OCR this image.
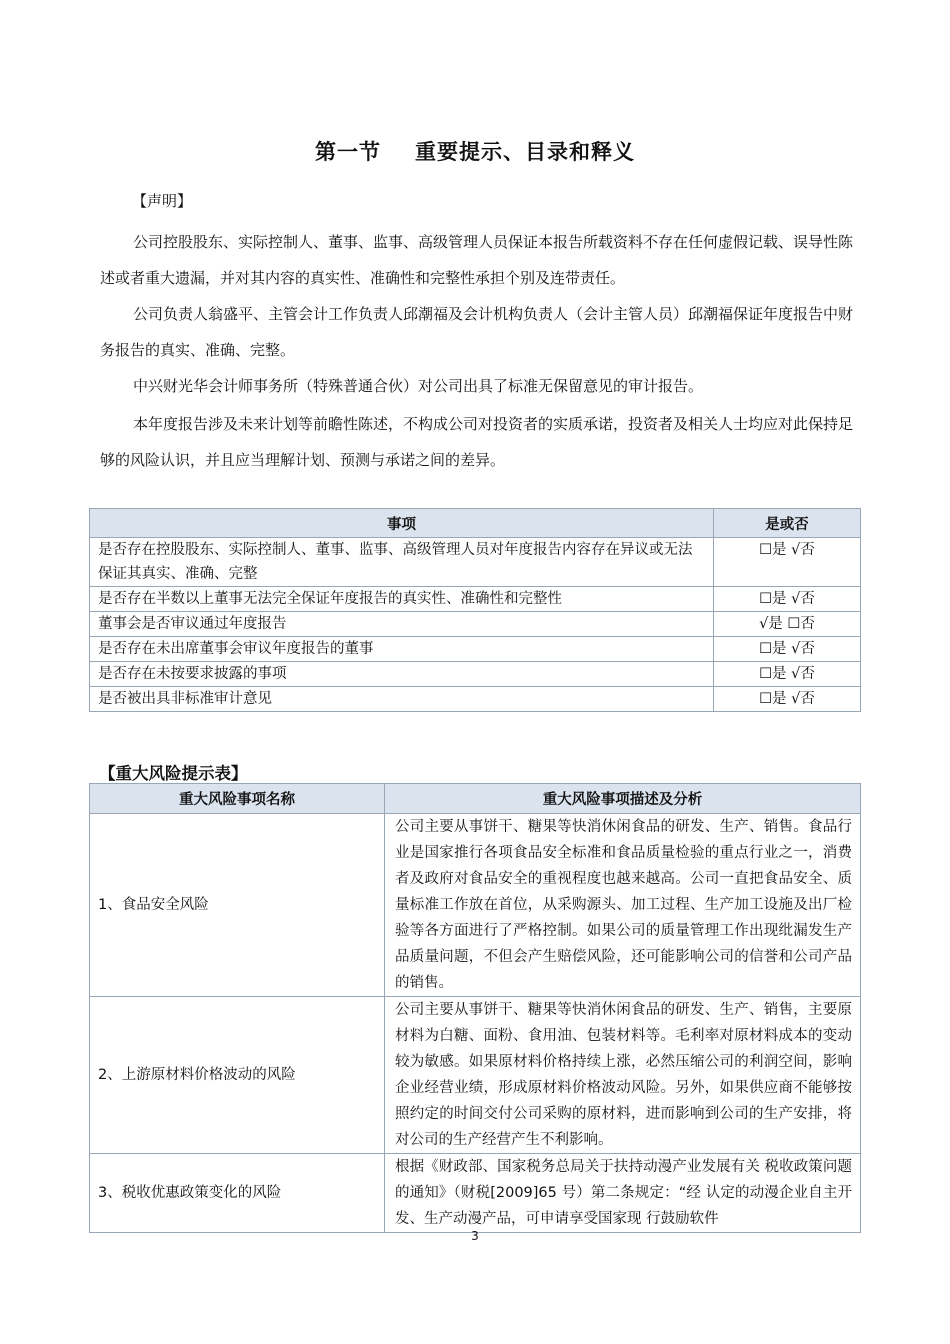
第一节 重要提示、目录和释义
【声明】
公司控股股东、实际控制人、董事、监事、高级管理人员保证本报告所载资料不存在任何虚假记载、误导性陈述或者重大遗漏，并对其内容的真实性、准确性和完整性承担个别及连带责任。
公司负责人翁盛平、主管会计工作负责人邱潮福及会计机构负责人（会计主管人员）邱潮福保证年度报告中财务报告的真实、准确、完整。
中兴财光华会计师事务所（特殊普通合伙）对公司出具了标准无保留意见的审计报告。
本年度报告涉及未来计划等前瞻性陈述，不构成公司对投资者的实质承诺，投资者及相关人士均应对此保持足够的风险认识，并且应当理解计划、预测与承诺之间的差异。
事项	是或否
是否存在控股股东、实际控制人、董事、监事、高级管理人员对年度报告内容存在异议或无法保证其真实、准确、完整	☐是 √否
是否存在半数以上董事无法完全保证年度报告的真实性、准确性和完整性	☐是 √否
董事会是否审议通过年度报告	√是 ☐否
是否存在未出席董事会审议年度报告的董事	☐是 √否
是否存在未按要求披露的事项	☐是 √否
是否被出具非标准审计意见	☐是 √否
【重大风险提示表】
重大风险事项名称	重大风险事项描述及分析
1、食品安全风险	公司主要从事饼干、糖果等快消休闲食品的研发、生产、销售。食品行业是国家推行各项食品安全标准和食品质量检验的重点行业之一，消费者及政府对食品安全的重视程度也越来越高。公司一直把食品安全、质量标准工作放在首位，从采购源头、加工过程、生产加工设施及出厂检验等各方面进行了严格控制。如果公司的质量管理工作出现纰漏发生产品质量问题，不但会产生赔偿风险，还可能影响公司的信誉和公司产品的销售。
2、上游原材料价格波动的风险	公司主要从事饼干、糖果等快消休闲食品的研发、生产、销售，主要原材料为白糖、面粉、食用油、包装材料等。毛利率对原材料成本的变动较为敏感。如果原材料价格持续上涨，必然压缩公司的利润空间，影响企业经营业绩，形成原材料价格波动风险。另外，如果供应商不能够按照约定的时间交付公司采购的原材料，进而影响到公司的生产安排，将对公司的生产经营产生不利影响。
3、税收优惠政策变化的风险	根据《财政部、国家税务总局关于扶持动漫产业发展有关 税收政策问题的通知》（财税[2009]65 号）第二条规定：“经 认定的动漫企业自主开发、生产动漫产品，可申请享受国家现 行鼓励软件
3
